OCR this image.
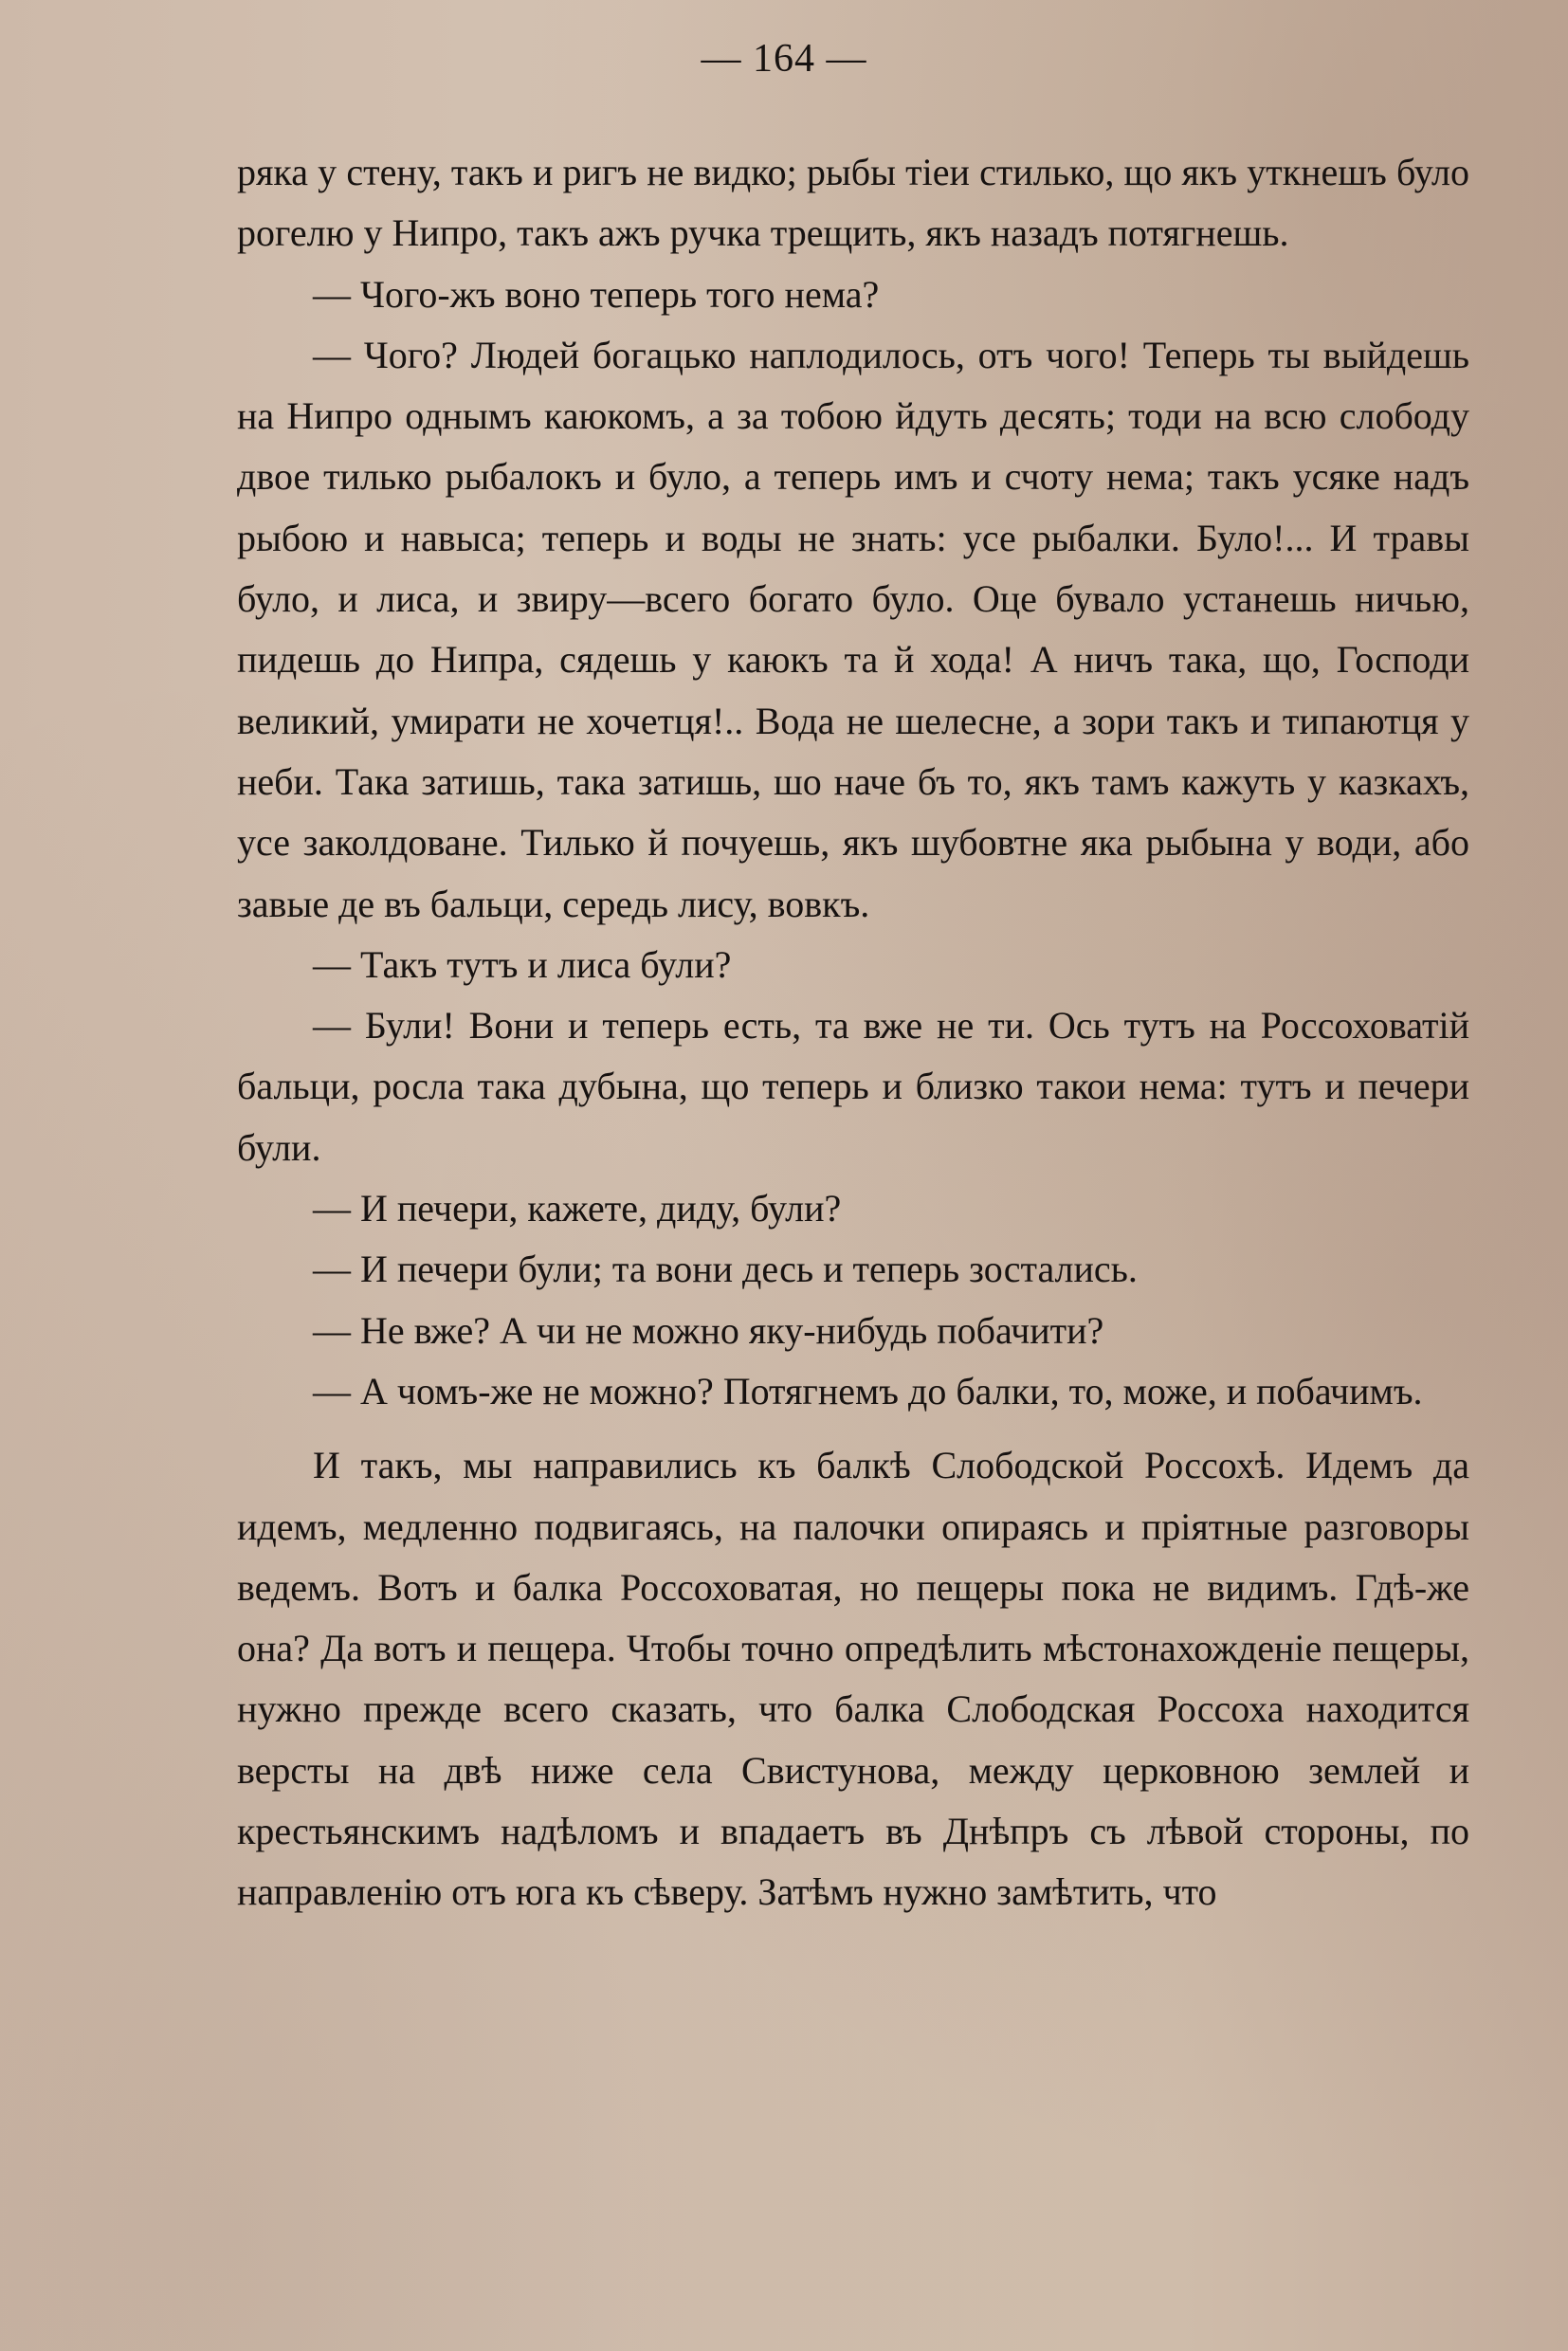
— 164 —

ряка у стену, такъ и ригъ не видко; рыбы тіеи стилько, що якъ уткнешъ було рогелю у Нипро, такъ ажъ ручка трещить, якъ назадъ потягнешь.

— Чого-жъ воно теперь того нема?

— Чого? Людей богацько наплодилось, отъ чого! Теперь ты выйдешь на Нипро однымъ каюкомъ, а за тобою йдуть десять; тоди на всю слободу двое тилько рыбалокъ и було, а теперь имъ и счоту нема; такъ усяке надъ рыбою и навыса; теперь и воды не знать: усе рыбалки. Було!... И травы було, и лиса, и звиру—всего богато було. Оце бувало устанешь ничью, пидешь до Нипра, сядешь у каюкъ та й хода! А ничъ така, що, Господи великий, умирати не хочетця!.. Вода не шелесне, а зори такъ и типаютця у неби. Така затишь, така затишь, шо наче бъ то, якъ тамъ кажуть у казкахъ, усе заколдоване. Тилько й почуешь, якъ шубовтне яка рыбына у води, або завые де въ бальци, середь лису, вовкъ.

— Такъ тутъ и лиса були?

— Були! Вони и теперь есть, та вже не ти. Ось тутъ на Россоховатій бальци, росла така дубына, що теперь и близко такои нема: тутъ и печери були.

— И печери, кажете, диду, були?

— И печери були; та вони десь и теперь зостались.

— Не вже? А чи не можно яку-нибудь побачити?

— А чомъ-же не можно? Потягнемъ до балки, то, може, и побачимъ.

И такъ, мы направились къ балкѣ Слободской Россохѣ. Идемъ да идемъ, медленно подвигаясь, на палочки опираясь и пріятные разговоры ведемъ. Вотъ и балка Россоховатая, но пещеры пока не видимъ. Гдѣ-же она? Да вотъ и пещера. Чтобы точно опредѣлить мѣстонахожденіе пещеры, нужно прежде всего сказать, что балка Слободская Россоха находится версты на двѣ ниже села Свистунова, между церковною землей и крестьянскимъ надѣломъ и впадаетъ въ Днѣпръ съ лѣвой стороны, по направленію отъ юга къ сѣверу. Затѣмъ нужно замѣтить, что
